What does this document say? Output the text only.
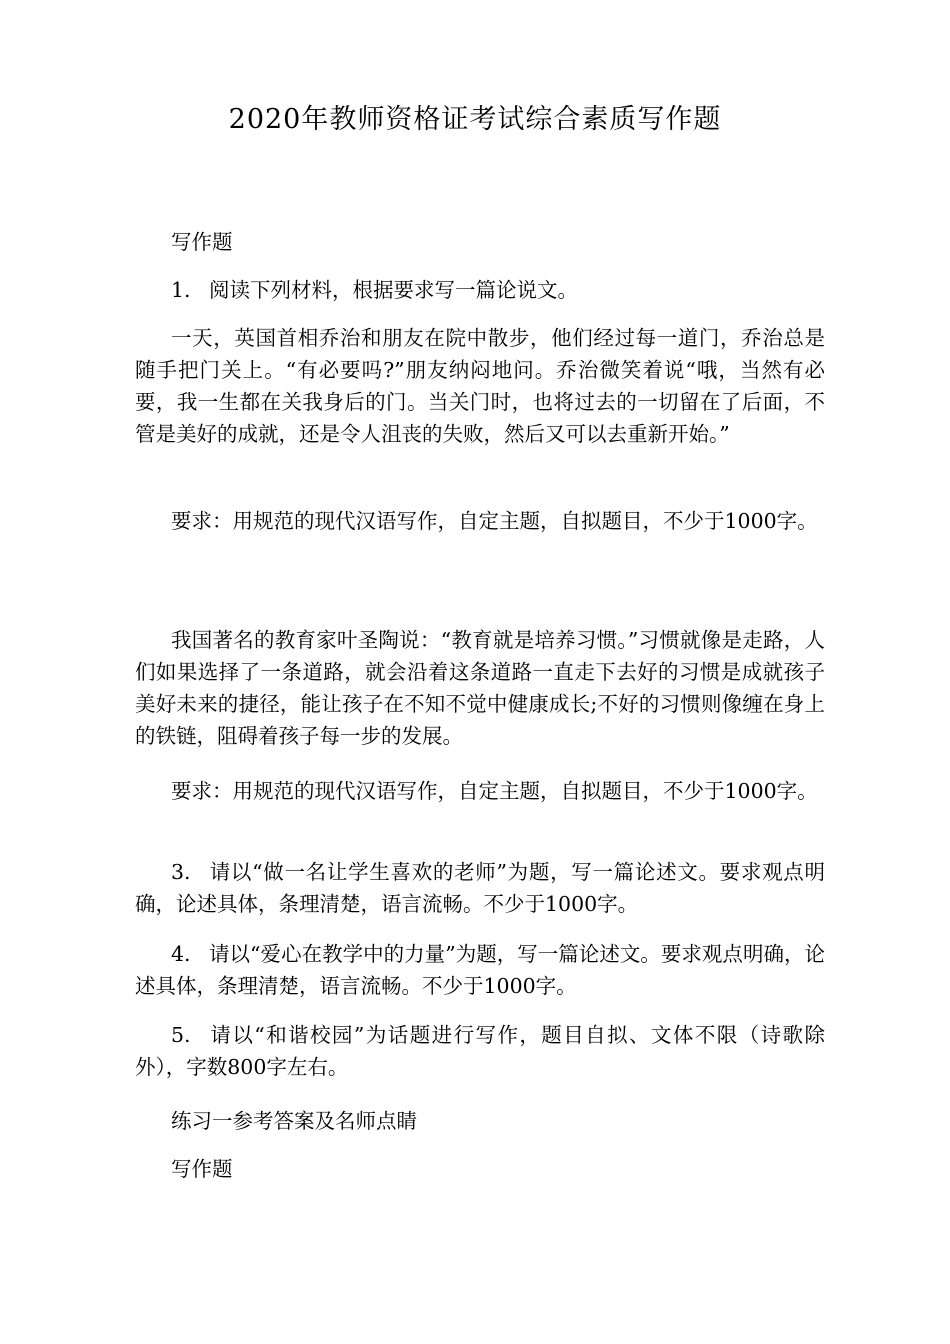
2020年教师资格证考试综合素质写作题

写作题

1. 阅读下列材料，根据要求写一篇论说文。

一天，英国首相乔治和朋友在院中散步，他们经过每一道门，乔治总是随手把门关上。“有必要吗?”朋友纳闷地问。乔治微笑着说“哦，当然有必要，我一生都在关我身后的门。当关门时，也将过去的一切留在了后面，不管是美好的成就，还是令人沮丧的失败，然后又可以去重新开始。”

要求：用规范的现代汉语写作，自定主题，自拟题目，不少于1000字。

我国著名的教育家叶圣陶说：“教育就是培养习惯。”习惯就像是走路，人们如果选择了一条道路，就会沿着这条道路一直走下去好的习惯是成就孩子美好未来的捷径，能让孩子在不知不觉中健康成长;不好的习惯则像缠在身上的铁链，阻碍着孩子每一步的发展。

要求：用规范的现代汉语写作，自定主题，自拟题目，不少于1000字。

3. 请以“做一名让学生喜欢的老师”为题，写一篇论述文。要求观点明确，论述具体，条理清楚，语言流畅。不少于1000字。

4. 请以“爱心在教学中的力量”为题，写一篇论述文。要求观点明确，论述具体，条理清楚，语言流畅。不少于1000字。

5. 请以“和谐校园”为话题进行写作，题目自拟、文体不限（诗歌除外），字数800字左右。

练习一参考答案及名师点睛

写作题
